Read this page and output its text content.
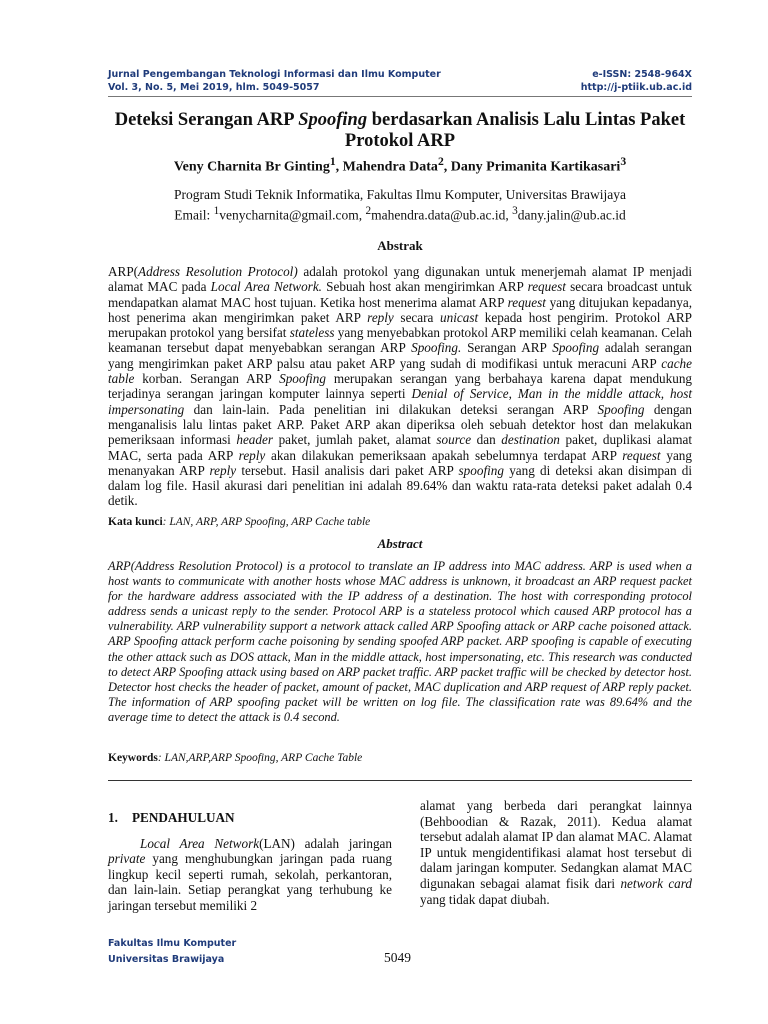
Jurnal Pengembangan Teknologi Informasi dan Ilmu Komputer
Vol. 3, No. 5, Mei 2019, hlm. 5049-5057
e-ISSN: 2548-964X
http://j-ptiik.ub.ac.id
Deteksi Serangan ARP Spoofing berdasarkan Analisis Lalu Lintas Paket Protokol ARP
Veny Charnita Br Ginting$^1$, Mahendra Data$^2$, Dany Primanita Kartikasari$^3$
Program Studi Teknik Informatika, Fakultas Ilmu Komputer, Universitas Brawijaya
Email: $^1$venycharnita@gmail.com, $^2$mahendra.data@ub.ac.id, $^3$dany.jalin@ub.ac.id
Abstrak
ARP(Address Resolution Protocol) adalah protokol yang digunakan untuk menerjemah alamat IP menjadi alamat MAC pada Local Area Network. Sebuah host akan mengirimkan ARP request secara broadcast untuk mendapatkan alamat MAC host tujuan. Ketika host menerima alamat ARP request yang ditujukan kepadanya, host penerima akan mengirimkan paket ARP reply secara unicast kepada host pengirim. Protokol ARP merupakan protokol yang bersifat stateless yang menyebabkan protokol ARP memiliki celah keamanan. Celah keamanan tersebut dapat menyebabkan serangan ARP Spoofing. Serangan ARP Spoofing adalah serangan yang mengirimkan paket ARP palsu atau paket ARP yang sudah di modifikasi untuk meracuni ARP cache table korban. Serangan ARP Spoofing merupakan serangan yang berbahaya karena dapat mendukung terjadinya serangan jaringan komputer lainnya seperti Denial of Service, Man in the middle attack, host impersonating dan lain-lain. Pada penelitian ini dilakukan deteksi serangan ARP Spoofing dengan menganalisis lalu lintas paket ARP. Paket ARP akan diperiksa oleh sebuah detektor host dan melakukan pemeriksaan informasi header paket, jumlah paket, alamat source dan destination paket, duplikasi alamat MAC, serta pada ARP reply akan dilakukan pemeriksaan apakah sebelumnya terdapat ARP request yang menanyakan ARP reply tersebut. Hasil analisis dari paket ARP spoofing yang di deteksi akan disimpan di dalam log file. Hasil akurasi dari penelitian ini adalah 89.64% dan waktu rata-rata deteksi paket adalah 0.4 detik.
Kata kunci: LAN, ARP, ARP Spoofing, ARP Cache table
Abstract
ARP(Address Resolution Protocol) is a protocol to translate an IP address into MAC address. ARP is used when a host wants to communicate with another hosts whose MAC address is unknown, it broadcast an ARP request packet for the hardware address associated with the IP address of a destination. The host with corresponding protocol address sends a unicast reply to the sender. Protocol ARP is a stateless protocol which caused ARP protocol has a vulnerability. ARP vulnerability support a network attack called ARP Spoofing attack or ARP cache poisoned attack. ARP Spoofing attack perform cache poisoning by sending spoofed ARP packet. ARP spoofing is capable of executing the other attack such as DOS attack, Man in the middle attack, host impersonating, etc. This research was conducted to detect ARP Spoofing attack using based on ARP packet traffic. ARP packet traffic will be checked by detector host. Detector host checks the header of packet, amount of packet, MAC duplication and ARP request of ARP reply packet. The information of ARP spoofing packet will be written on log file. The classification rate was 89.64% and the average time to detect the attack is 0.4 second.
Keywords: LAN,ARP,ARP Spoofing, ARP Cache Table
1. PENDAHULUAN

Local Area Network(LAN) adalah jaringan private yang menghubungkan jaringan pada ruang lingkup kecil seperti rumah, sekolah, perkantoran, dan lain-lain. Setiap perangkat yang terhubung ke jaringan tersebut memiliki 2

alamat yang berbeda dari perangkat lainnya (Behboodian & Razak, 2011). Kedua alamat tersebut adalah alamat IP dan alamat MAC. Alamat IP untuk mengidentifikasi alamat host tersebut di dalam jaringan komputer. Sedangkan alamat MAC digunakan sebagai alamat fisik dari network card yang tidak dapat diubah.

Fakultas Ilmu Komputer
Universitas Brawijaya	5049
